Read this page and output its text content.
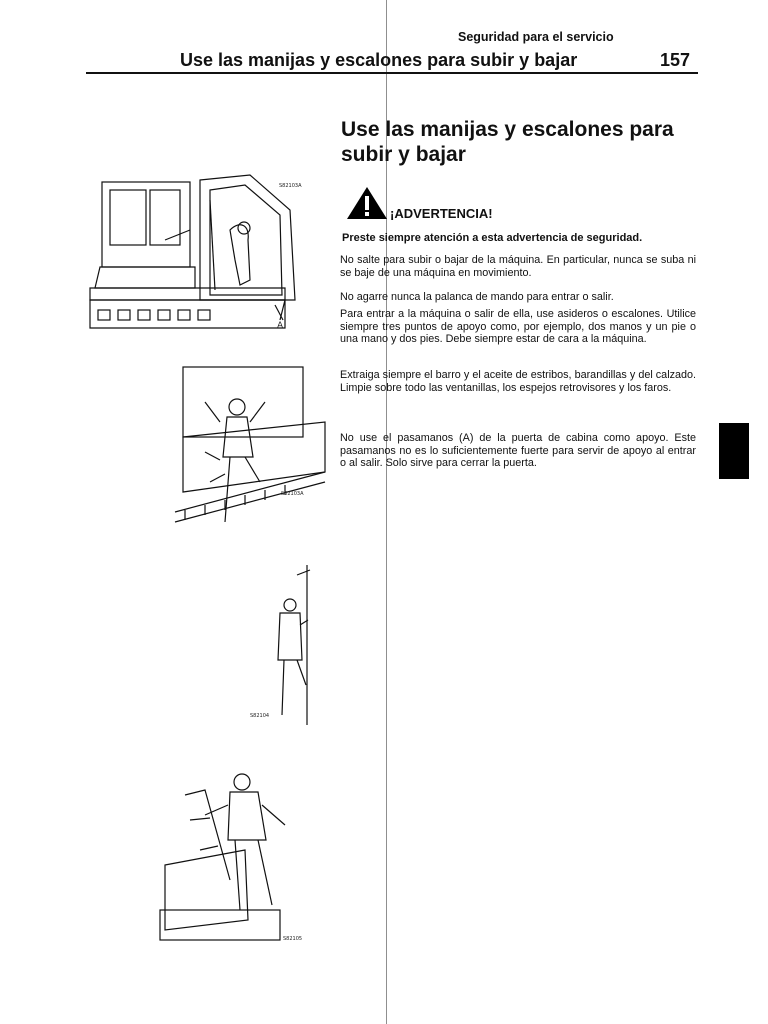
Seguridad para el servicio
Use las manijas y escalones para subir y bajar	157
Use las manijas y escalones para
subir y bajar
¡ADVERTENCIA!
Preste siempre atención a esta advertencia de seguridad.

No salte para subir o bajar de la máquina. En particular, nunca se suba ni se baje de una máquina en movimiento.

No agarre nunca la palanca de mando para entrar o salir.

Para entrar a la máquina o salir de ella, use asideros o escalones. Utilice siempre tres puntos de apoyo como, por ejemplo, dos manos y un pie o una mano y dos pies. Debe siempre estar de cara a la máquina.

Extraiga siempre el barro y el aceite de estribos, barandillas y del calzado. Limpie sobre todo las ventanillas, los espejos retrovisores y los faros.

No use el pasamanos (A) de la puerta de cabina como apoyo. Este pasamanos no es lo suficientemente fuerte para servir de apoyo al entrar o al salir. Solo sirve para cerrar la puerta.

S82103A
A
S82103A
S82104
S82105
